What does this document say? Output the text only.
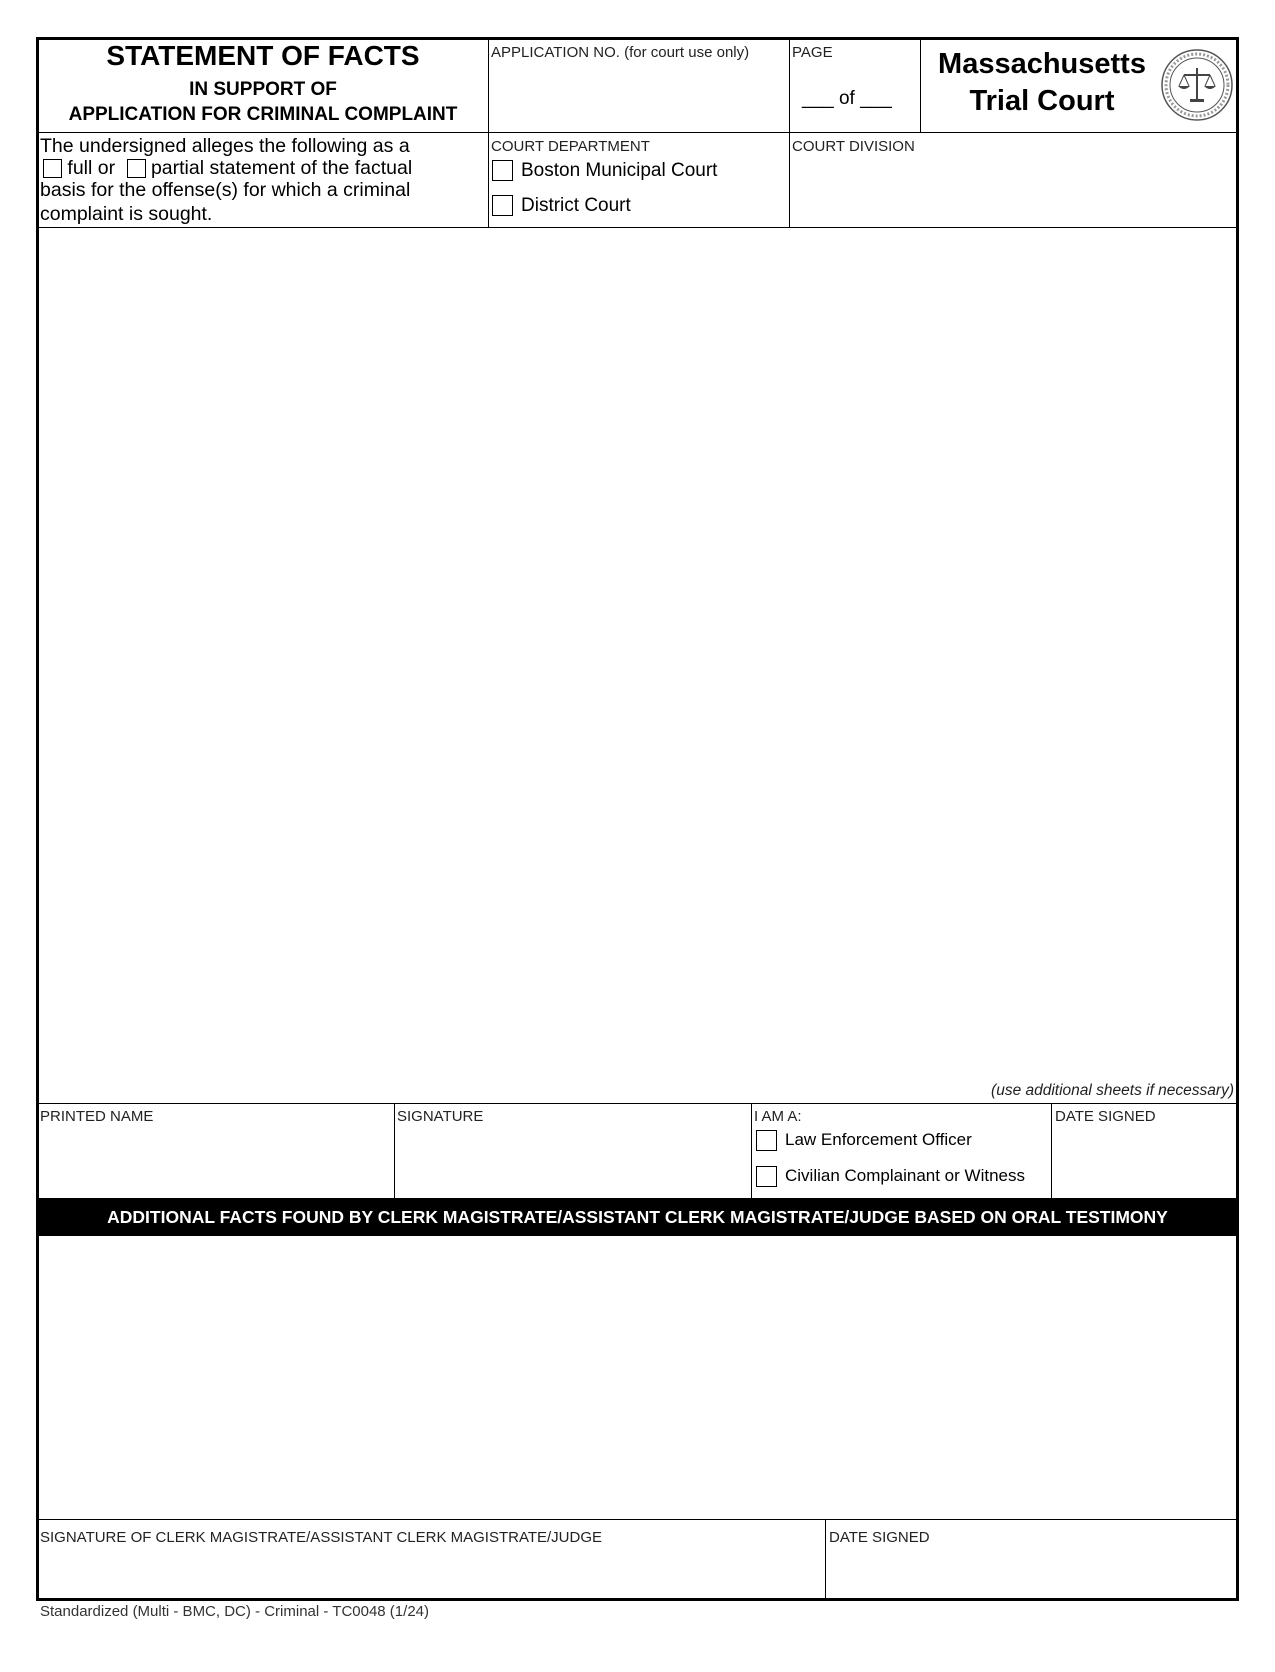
STATEMENT OF FACTS
IN SUPPORT OF
APPLICATION FOR CRIMINAL COMPLAINT
APPLICATION NO. (for court use only)	PAGE
___ of ___
Massachusetts
Trial Court
The undersigned alleges the following as a
full or partial statement of the factual
basis for the offense(s) for which a criminal
complaint is sought.
COURT DEPARTMENT
Boston Municipal Court
District Court
COURT DIVISION
(use additional sheets if necessary)
PRINTED NAME	SIGNATURE	I AM A:
Law Enforcement Officer
Civilian Complainant or Witness
DATE SIGNED
ADDITIONAL FACTS FOUND BY CLERK MAGISTRATE/ASSISTANT CLERK MAGISTRATE/JUDGE BASED ON ORAL TESTIMONY
SIGNATURE OF CLERK MAGISTRATE/ASSISTANT CLERK MAGISTRATE/JUDGE	DATE SIGNED
Standardized (Multi - BMC, DC) - Criminal - TC0048 (1/24)
